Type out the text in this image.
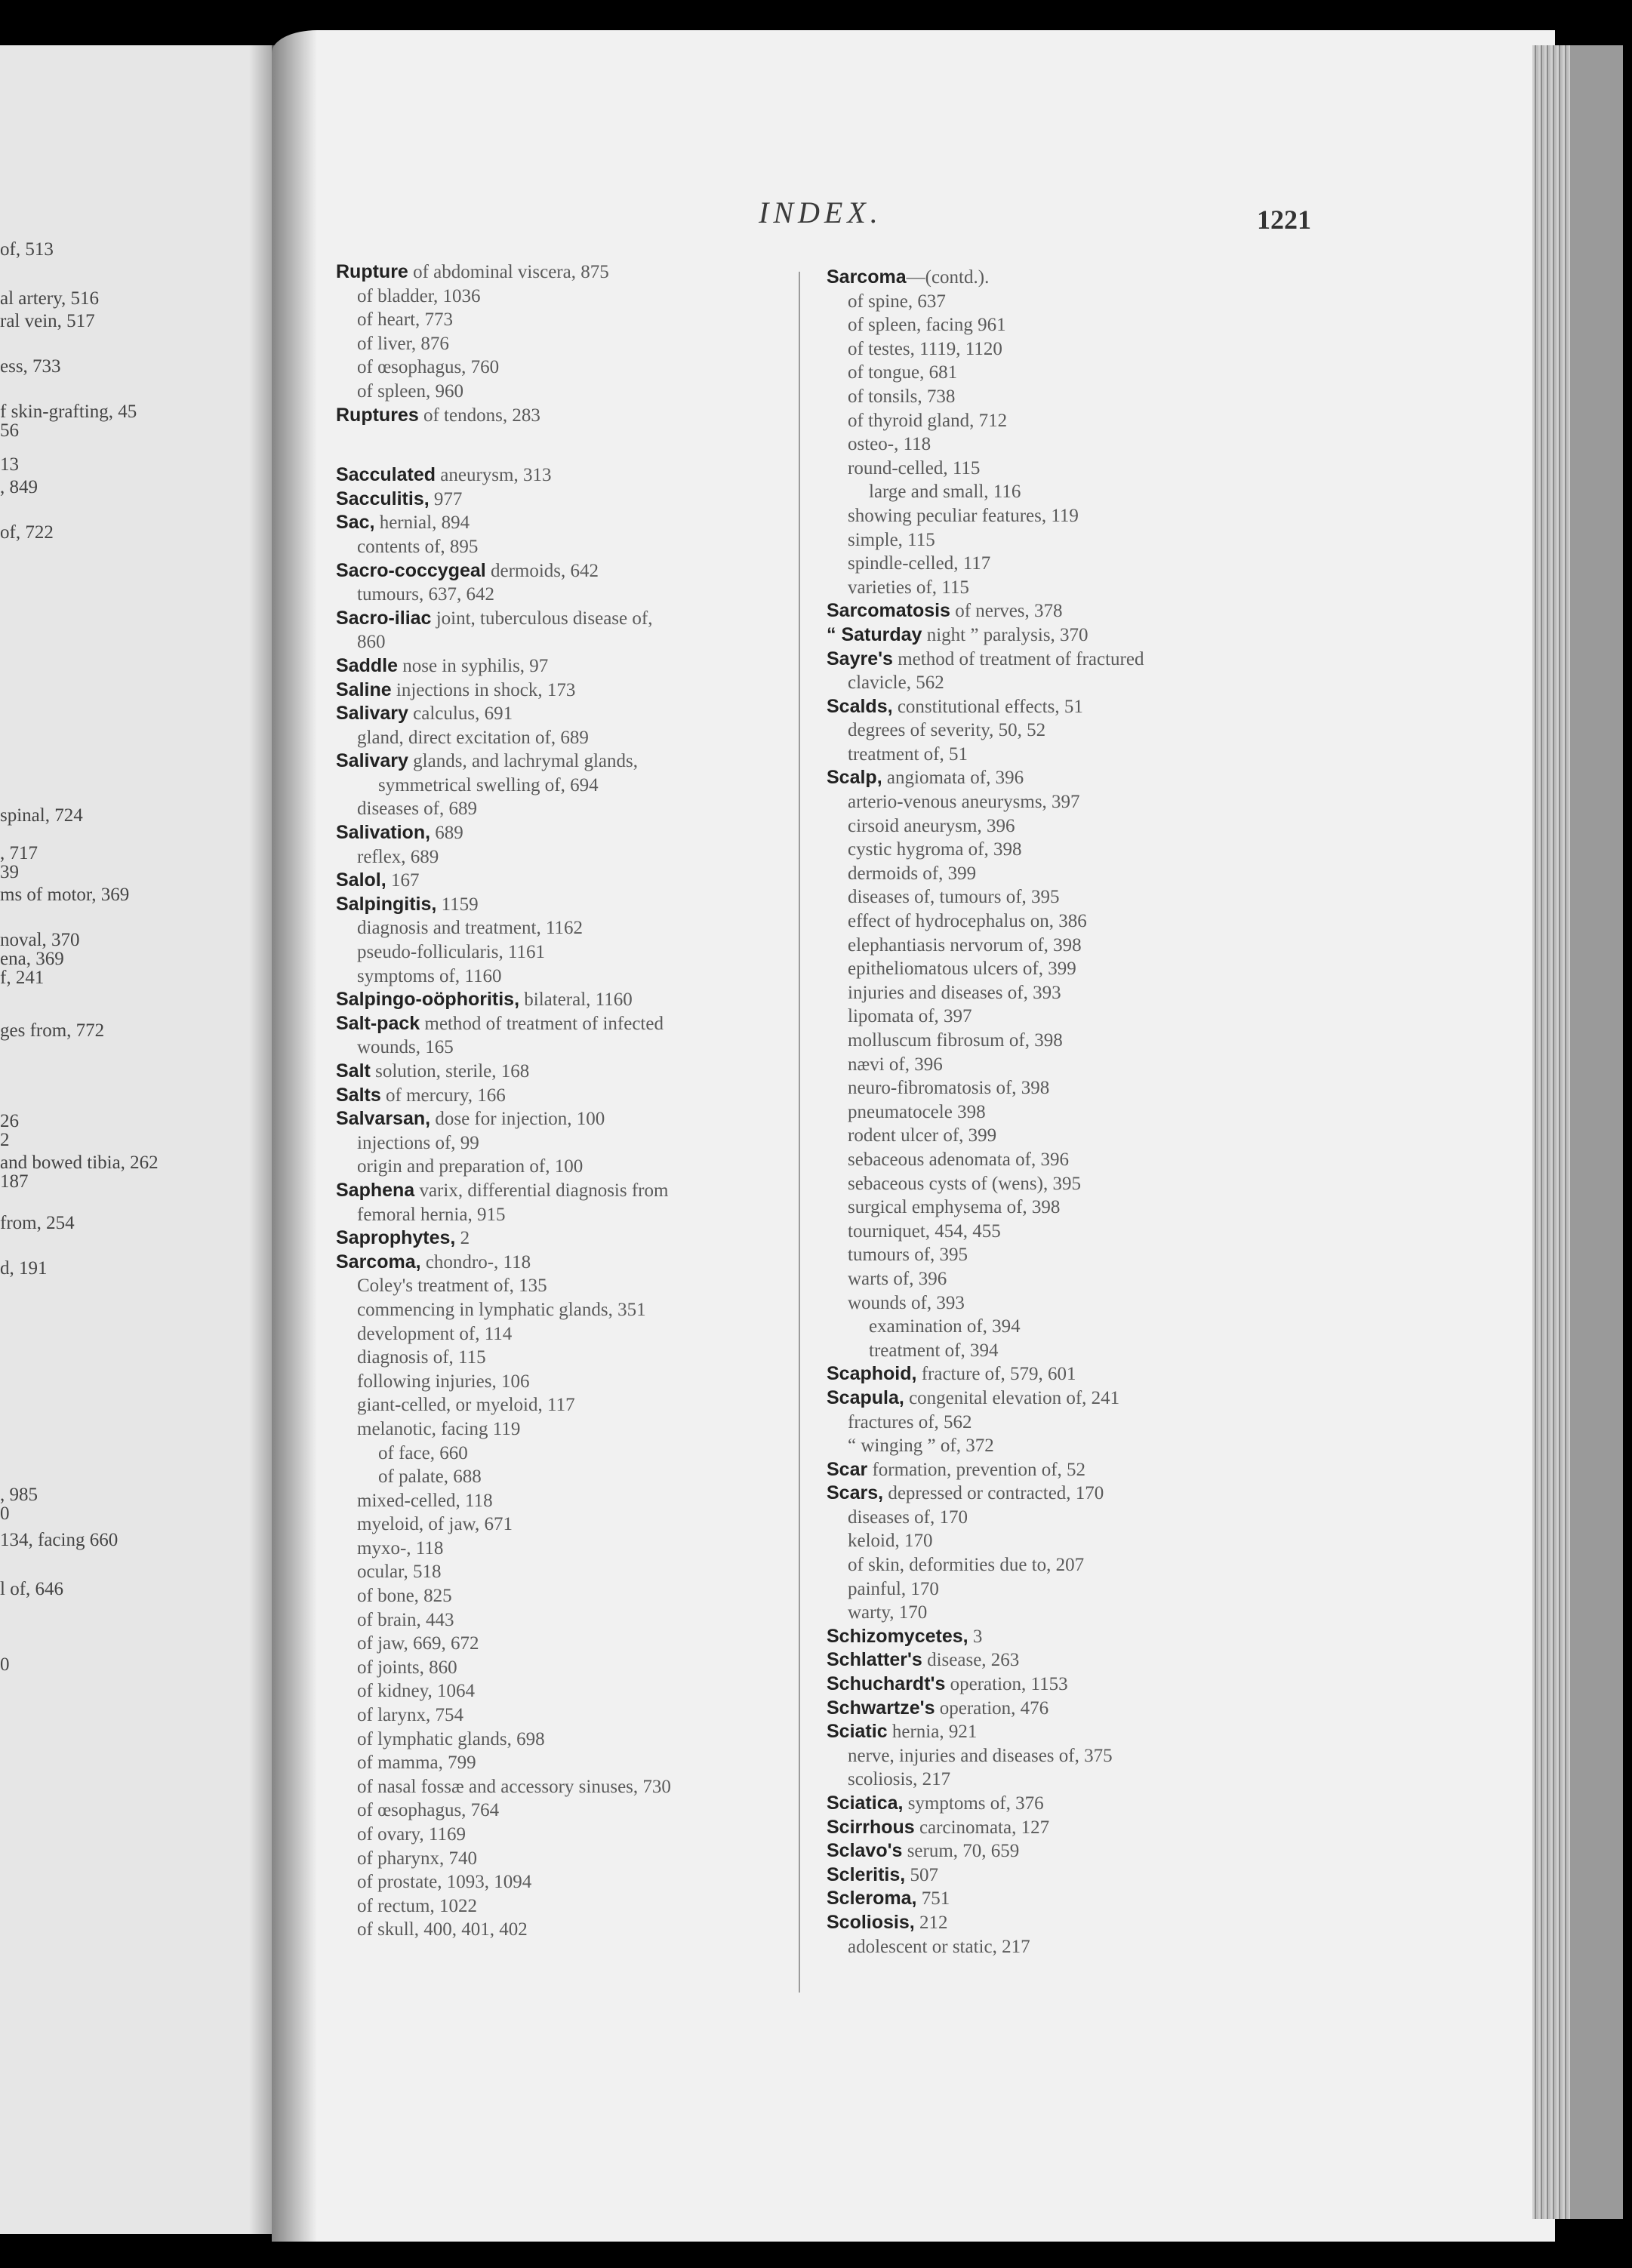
of, 513
al artery, 516
ral vein, 517
ess, 733
f skin-grafting, 45
56
13
, 849
of, 722
spinal, 724
, 717
39
ms of motor, 369
noval, 370
ena, 369
f, 241
ges from, 772
26
2
and bowed tibia, 262
187
from, 254
d, 191
, 985
0
134, facing 660
l of, 646
0
INDEX.	1221
Rupture of abdominal viscera, 875
of bladder, 1036
of heart, 773
of liver, 876
of œsophagus, 760
of spleen, 960
Ruptures of tendons, 283
Sacculated aneurysm, 313
Sacculitis, 977
Sac, hernial, 894
contents of, 895
Sacro-coccygeal dermoids, 642
tumours, 637, 642
Sacro-iliac joint, tuberculous disease of,
860
Saddle nose in syphilis, 97
Saline injections in shock, 173
Salivary calculus, 691
gland, direct excitation of, 689
Salivary glands, and lachrymal glands,
symmetrical swelling of, 694
diseases of, 689
Salivation, 689
reflex, 689
Salol, 167
Salpingitis, 1159
diagnosis and treatment, 1162
pseudo-follicularis, 1161
symptoms of, 1160
Salpingo-oöphoritis, bilateral, 1160
Salt-pack method of treatment of infected
wounds, 165
Salt solution, sterile, 168
Salts of mercury, 166
Salvarsan, dose for injection, 100
injections of, 99
origin and preparation of, 100
Saphena varix, differential diagnosis from
femoral hernia, 915
Saprophytes, 2
Sarcoma, chondro-, 118
Coley's treatment of, 135
commencing in lymphatic glands, 351
development of, 114
diagnosis of, 115
following injuries, 106
giant-celled, or myeloid, 117
melanotic, facing 119
of face, 660
of palate, 688
mixed-celled, 118
myeloid, of jaw, 671
myxo-, 118
ocular, 518
of bone, 825
of brain, 443
of jaw, 669, 672
of joints, 860
of kidney, 1064
of larynx, 754
of lymphatic glands, 698
of mamma, 799
of nasal fossæ and accessory sinuses, 730
of œsophagus, 764
of ovary, 1169
of pharynx, 740
of prostate, 1093, 1094
of rectum, 1022
of skull, 400, 401, 402
Sarcoma—(contd.).
of spine, 637
of spleen, facing 961
of testes, 1119, 1120
of tongue, 681
of tonsils, 738
of thyroid gland, 712
osteo-, 118
round-celled, 115
large and small, 116
showing peculiar features, 119
simple, 115
spindle-celled, 117
varieties of, 115
Sarcomatosis of nerves, 378
“ Saturday night ” paralysis, 370
Sayre's method of treatment of fractured
clavicle, 562
Scalds, constitutional effects, 51
degrees of severity, 50, 52
treatment of, 51
Scalp, angiomata of, 396
arterio-venous aneurysms, 397
cirsoid aneurysm, 396
cystic hygroma of, 398
dermoids of, 399
diseases of, tumours of, 395
effect of hydrocephalus on, 386
elephantiasis nervorum of, 398
epitheliomatous ulcers of, 399
injuries and diseases of, 393
lipomata of, 397
molluscum fibrosum of, 398
nævi of, 396
neuro-fibromatosis of, 398
pneumatocele 398
rodent ulcer of, 399
sebaceous adenomata of, 396
sebaceous cysts of (wens), 395
surgical emphysema of, 398
tourniquet, 454, 455
tumours of, 395
warts of, 396
wounds of, 393
examination of, 394
treatment of, 394
Scaphoid, fracture of, 579, 601
Scapula, congenital elevation of, 241
fractures of, 562
“ winging ” of, 372
Scar formation, prevention of, 52
Scars, depressed or contracted, 170
diseases of, 170
keloid, 170
of skin, deformities due to, 207
painful, 170
warty, 170
Schizomycetes, 3
Schlatter's disease, 263
Schuchardt's operation, 1153
Schwartze's operation, 476
Sciatic hernia, 921
nerve, injuries and diseases of, 375
scoliosis, 217
Sciatica, symptoms of, 376
Scirrhous carcinomata, 127
Sclavo's serum, 70, 659
Scleritis, 507
Scleroma, 751
Scoliosis, 212
adolescent or static, 217
